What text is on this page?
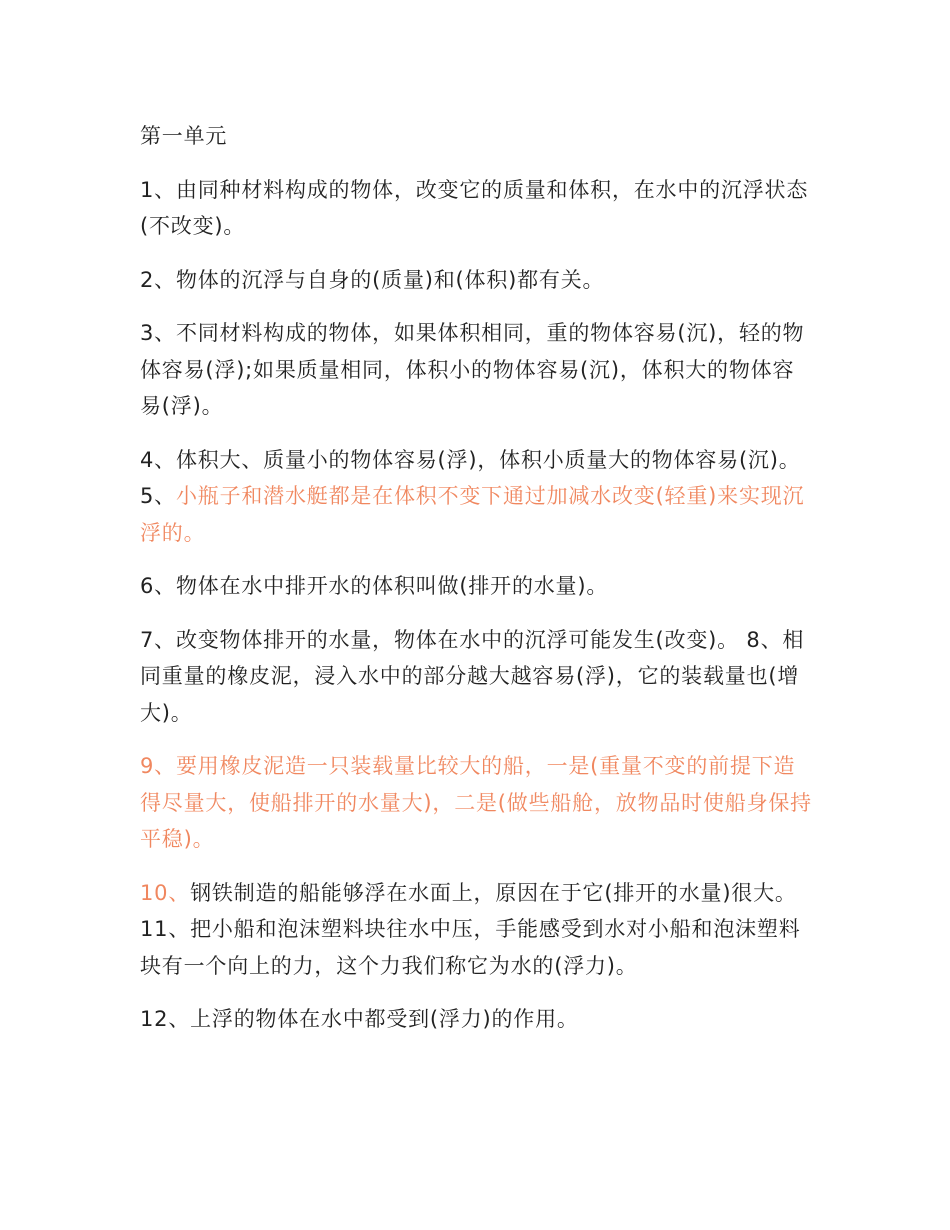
第一单元

1、由同种材料构成的物体，改变它的质量和体积，在水中的沉浮状态(不改变)。

2、物体的沉浮与自身的(质量)和(体积)都有关。

3、不同材料构成的物体，如果体积相同，重的物体容易(沉)，轻的物体容易(浮);如果质量相同，体积小的物体容易(沉)，体积大的物体容易(浮)。

4、体积大、质量小的物体容易(浮)，体积小质量大的物体容易(沉)。 5、小瓶子和潜水艇都是在体积不变下通过加减水改变(轻重)来实现沉浮的。

6、物体在水中排开水的体积叫做(排开的水量)。

7、改变物体排开的水量，物体在水中的沉浮可能发生(改变)。 8、相同重量的橡皮泥，浸入水中的部分越大越容易(浮)，它的装载量也(增大)。

9、要用橡皮泥造一只装载量比较大的船，一是(重量不变的前提下造得尽量大，使船排开的水量大)，二是(做些船舱，放物品时使船身保持平稳)。

10、钢铁制造的船能够浮在水面上，原因在于它(排开的水量)很大。 11、把小船和泡沫塑料块往水中压，手能感受到水对小船和泡沫塑料块有一个向上的力，这个力我们称它为水的(浮力)。

12、上浮的物体在水中都受到(浮力)的作用。
